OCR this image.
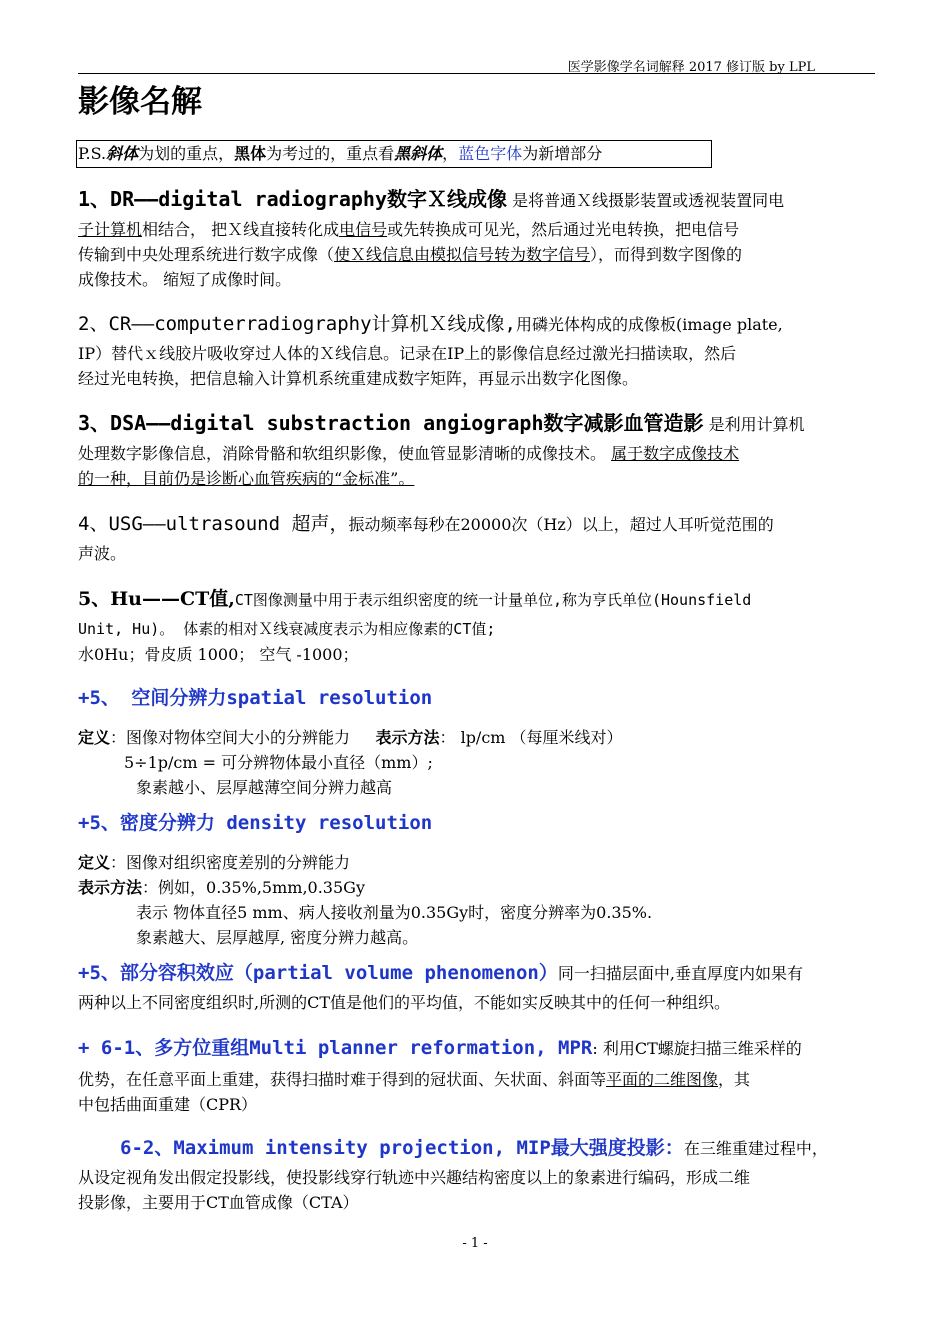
医学影像学名词解释 2017 修订版 by LPL
影像名解
P.S.斜体为划的重点，黑体为考过的，重点看黑斜体，蓝色字体为新增部分
1、DR——digital radiography数字Ｘ线成像 是将普通Ｘ线摄影装置或透视装置同电
子计算机相结合， 把Ｘ线直接转化成电信号或先转换成可见光，然后通过光电转换，把电信号
传输到中央处理系统进行数字成像（使Ｘ线信息由模拟信号转为数字信号），而得到数字图像的
成像技术。 缩短了成像时间。
2、CR——computerradiography计算机Ｘ线成像,用磷光体构成的成像板(image plate,
IP）替代ｘ线胶片吸收穿过人体的Ｘ线信息。记录在IP上的影像信息经过激光扫描读取，然后
经过光电转换，把信息输入计算机系统重建成数字矩阵，再显示出数字化图像。
3、DSA——digital substraction angiograph数字减影血管造影 是利用计算机
处理数字影像信息，消除骨骼和软组织影像，使血管显影清晰的成像技术。 属于数字成像技术
的一种，目前仍是诊断心血管疾病的“金标准”。
4、USG——ultrasound 超声，振动频率每秒在20000次（Hz）以上，超过人耳听觉范围的
声波。
5、Hu——CT值,CT图像测量中用于表示组织密度的统一计量单位,称为亨氏单位(Hounsfield
Unit, Hu)。 体素的相对Ｘ线衰减度表示为相应像素的CT值;
水0Hu；骨皮质 1000； 空气 -1000；
+5、 空间分辨力spatial resolution
定义：图像对物体空间大小的分辨能力 表示方法： lp/cm （每厘米线对）
5÷1p/cm = 可分辨物体最小直径（mm）;
象素越小、层厚越薄空间分辨力越高
+5、密度分辨力 density resolution
定义：图像对组织密度差别的分辨能力
表示方法：例如，0.35%,5mm,0.35Gy
表示 物体直径5 mm、病人接收剂量为0.35Gy时，密度分辨率为0.35%.
象素越大、层厚越厚, 密度分辨力越高。
+5、部分容积效应（partial volume phenomenon）同一扫描层面中,垂直厚度内如果有
两种以上不同密度组织时,所测的CT值是他们的平均值，不能如实反映其中的任何一种组织。
+ 6-1、多方位重组Multi planner reformation, MPR: 利用CT螺旋扫描三维采样的
优势，在任意平面上重建，获得扫描时难于得到的冠状面、矢状面、斜面等平面的二维图像，其
中包括曲面重建（CPR）
6-2、Maximum intensity projection, MIP最大强度投影：在三维重建过程中，
从设定视角发出假定投影线，使投影线穿行轨迹中兴趣结构密度以上的象素进行编码，形成二维
投影像，主要用于CT血管成像（CTA）
- 1 -
